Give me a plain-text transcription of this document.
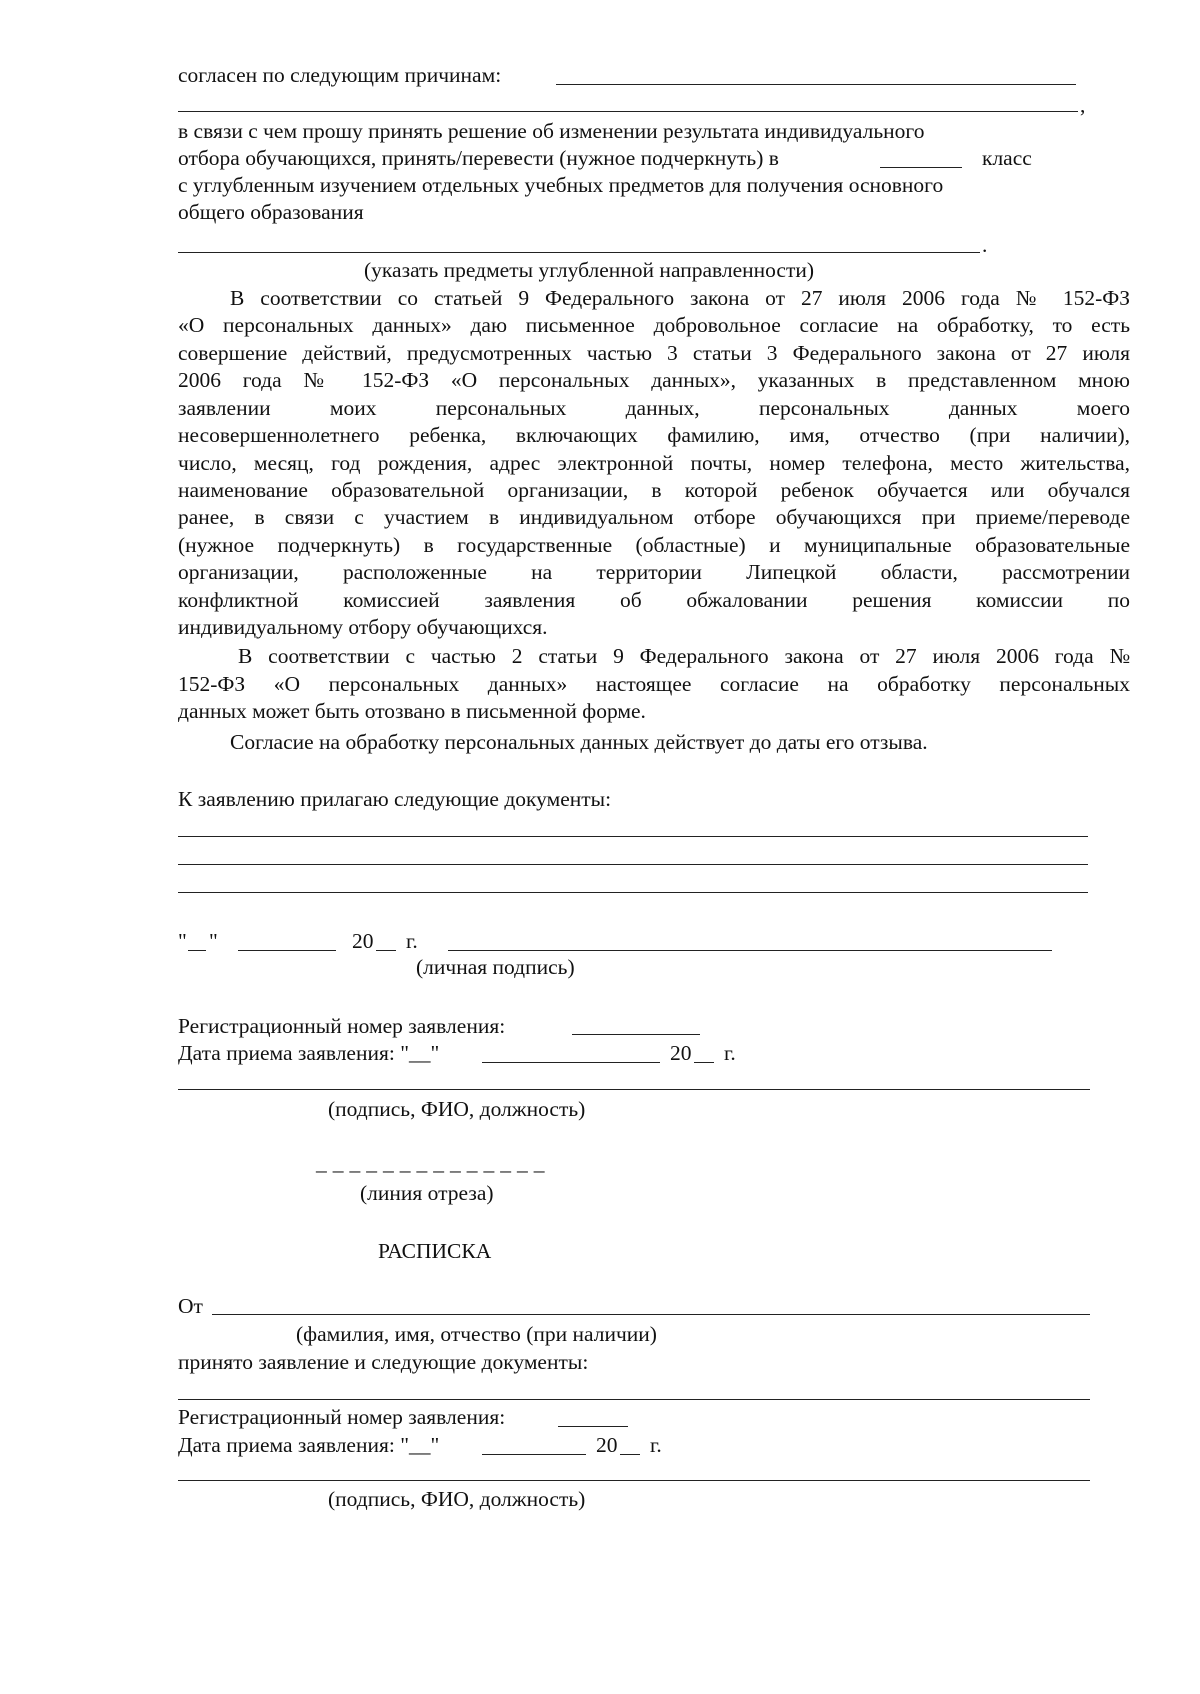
согласен по следующим причинам:
,
в связи с чем прошу принять решение об изменении результата индивидуального
отбора обучающихся, принять/перевести (нужное подчеркнуть) в	класс
с углубленным изучением отдельных учебных предметов для получения основного
общего образования
.
(указать предметы углубленной направленности)
В соответствии со статьей 9 Федерального закона от 27 июля 2006 года № 152-ФЗ
«О персональных данных» даю письменное добровольное согласие на обработку, то есть
совершение действий, предусмотренных частью 3 статьи 3 Федерального закона от 27 июля
2006 года № 152-ФЗ «О персональных данных», указанных в представленном мною
заявлении моих персональных данных, персональных данных моего
несовершеннолетнего ребенка, включающих фамилию, имя, отчество (при наличии),
число, месяц, год рождения, адрес электронной почты, номер телефона, место жительства,
наименование образовательной организации, в которой ребенок обучается или обучался
ранее, в связи с участием в индивидуальном отборе обучающихся при приеме/переводе
(нужное подчеркнуть) в государственные (областные) и муниципальные образовательные
организации, расположенные на территории Липецкой области, рассмотрении
конфликтной комиссией заявления об обжаловании решения комиссии по
индивидуальному отбору обучающихся.
В соответствии с частью 2 статьи 9 Федерального закона от 27 июля 2006 года №
152-ФЗ «О персональных данных» настоящее согласие на обработку персональных
данных может быть отозвано в письменной форме.
Согласие на обработку персональных данных действует до даты его отзыва.
К заявлению прилагаю следующие документы:
" "	20 г.
(личная подпись)
Регистрационный номер заявления:
Дата приема заявления: "__"	20 г.
(подпись, ФИО, должность)
______________
(линия отреза)
РАСПИСКА
От
(фамилия, имя, отчество (при наличии)
принято заявление и следующие документы:
Регистрационный номер заявления:
Дата приема заявления: "__"	20 г.
(подпись, ФИО, должность)
